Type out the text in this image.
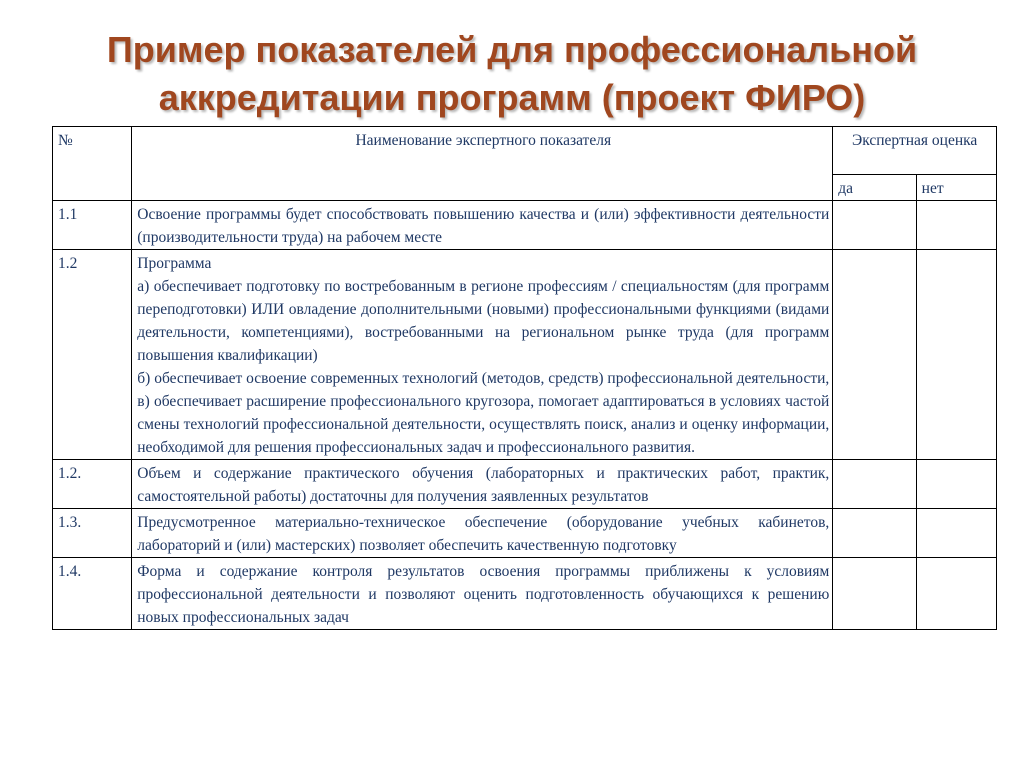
Пример показателей для профессиональной
аккредитации программ (проект ФИРО)
№	Наименование экспертного показателя	Экспертная оценка	
		да	нет
1.1	Освоение программы будет способствовать повышению качества и (или) эффективности деятельности (производительности труда) на рабочем месте		
1.2	Программа

а) обеспечивает подготовку по востребованным в регионе профессиям / специальностям (для программ переподготовки) ИЛИ овладение дополнительными (новыми) профессиональными функциями (видами деятельности, компетенциями), востребованными на региональном рынке труда (для программ повышения квалификации)

б) обеспечивает освоение современных технологий (методов, средств) профессиональной деятельности,

в) обеспечивает расширение профессионального кругозора, помогает адаптироваться в условиях частой смены технологий профессиональной деятельности, осуществлять поиск, анализ и оценку информации, необходимой для решения профессиональных задач и профессионального развития.		

1.2.	Объем и содержание практического обучения (лабораторных и практических работ, практик, самостоятельной работы) достаточны для получения заявленных результатов		
1.3.	Предусмотренное материально-техническое обеспечение (оборудование учебных кабинетов, лабораторий и (или) мастерских) позволяет обеспечить качественную подготовку		
1.4.	Форма и содержание контроля результатов освоения программы приближены к условиям профессиональной деятельности и позволяют оценить подготовленность обучающихся к решению новых профессиональных задач		
